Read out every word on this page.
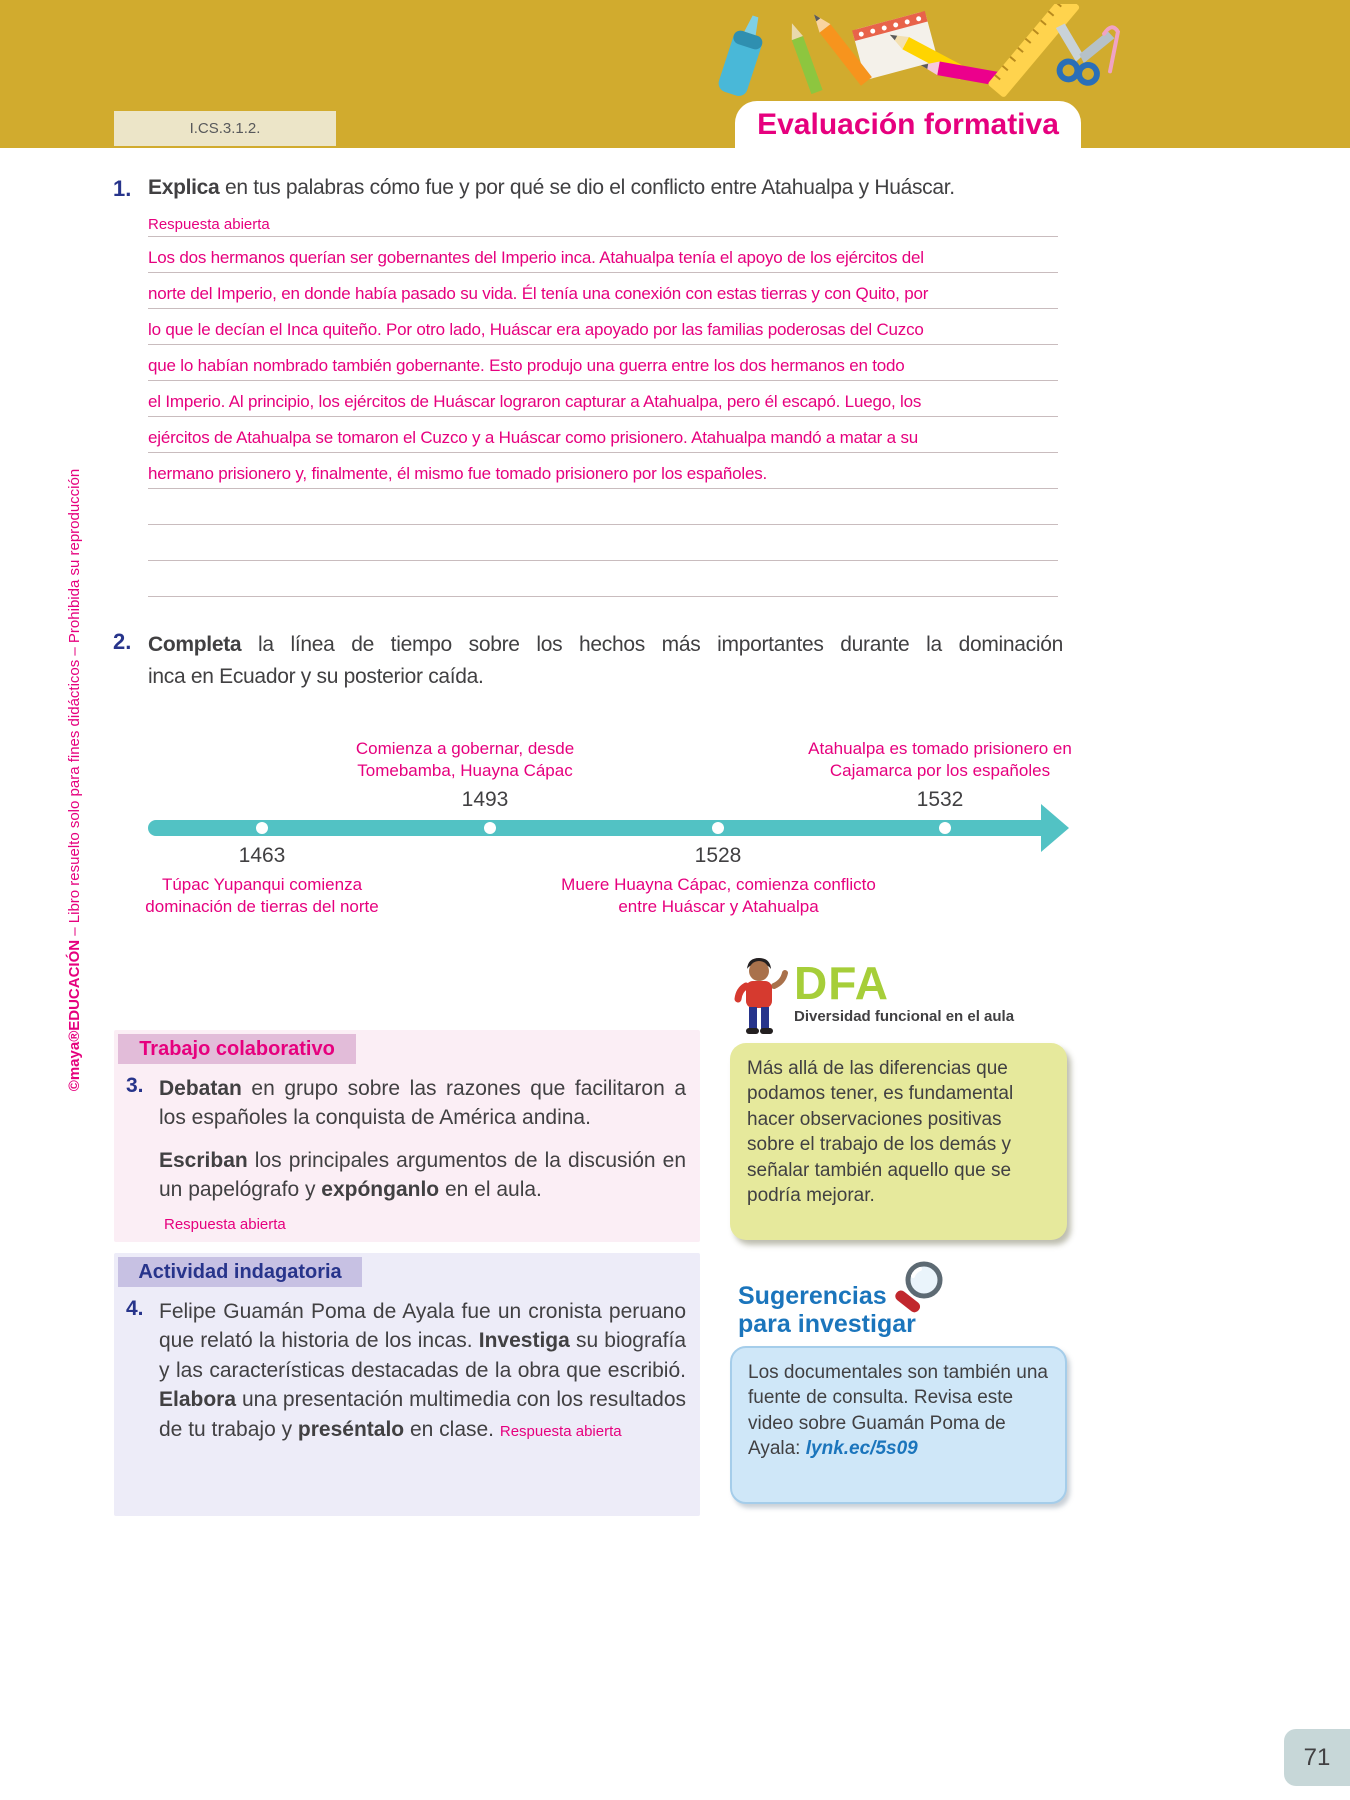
Evaluación formativa
I.CS.3.1.2.
©maya®EDUCACIÓN – Libro resuelto solo para fines didácticos – Prohibida su reproducción
1. Explica en tus palabras cómo fue y por qué se dio el conflicto entre Atahualpa y Huáscar.
Respuesta abierta
Los dos hermanos querían ser gobernantes del Imperio inca. Atahualpa tenía el apoyo de los ejércitos del
norte del Imperio, en donde había pasado su vida. Él tenía una conexión con estas tierras y con Quito, por
lo que le decían el Inca quiteño. Por otro lado, Huáscar era apoyado por las familias poderosas del Cuzco
que lo habían nombrado también gobernante. Esto produjo una guerra entre los dos hermanos en todo
el Imperio. Al principio, los ejércitos de Huáscar lograron capturar a Atahualpa, pero él escapó. Luego, los
ejércitos de Atahualpa se tomaron el Cuzco y a Huáscar como prisionero. Atahualpa mandó a matar a su
hermano prisionero y, finalmente, él mismo fue tomado prisionero por los españoles.
2. Completa la línea de tiempo sobre los hechos más importantes durante la dominación
inca en Ecuador y su posterior caída.
Comienza a gobernar, desde Tomebamba, Huayna Cápac
Atahualpa es tomado prisionero en Cajamarca por los españoles
1493	1532
1463	1528
Túpac Yupanqui comienza dominación de tierras del norte
Muere Huayna Cápac, comienza conflicto entre Huáscar y Atahualpa
Trabajo colaborativo
3. Debatan en grupo sobre las razones que facilitaron a los españoles la conquista de América andina.
Escriban los principales argumentos de la discusión en un papelógrafo y expónganlo en el aula.
Respuesta abierta
Actividad indagatoria
4. Felipe Guamán Poma de Ayala fue un cronista peruano que relató la historia de los incas. Investiga su biografía y las características destacadas de la obra que escribió. Elabora una presentación multimedia con los resultados de tu trabajo y preséntalo en clase. Respuesta abierta
DFA
Diversidad funcional en el aula
Más allá de las diferencias que podamos tener, es fundamental hacer observaciones positivas sobre el trabajo de los demás y señalar también aquello que se podría mejorar.
Sugerencias
para investigar
Los documentales son también una fuente de consulta. Revisa este video sobre Guamán Poma de Ayala: lynk.ec/5s09
71
